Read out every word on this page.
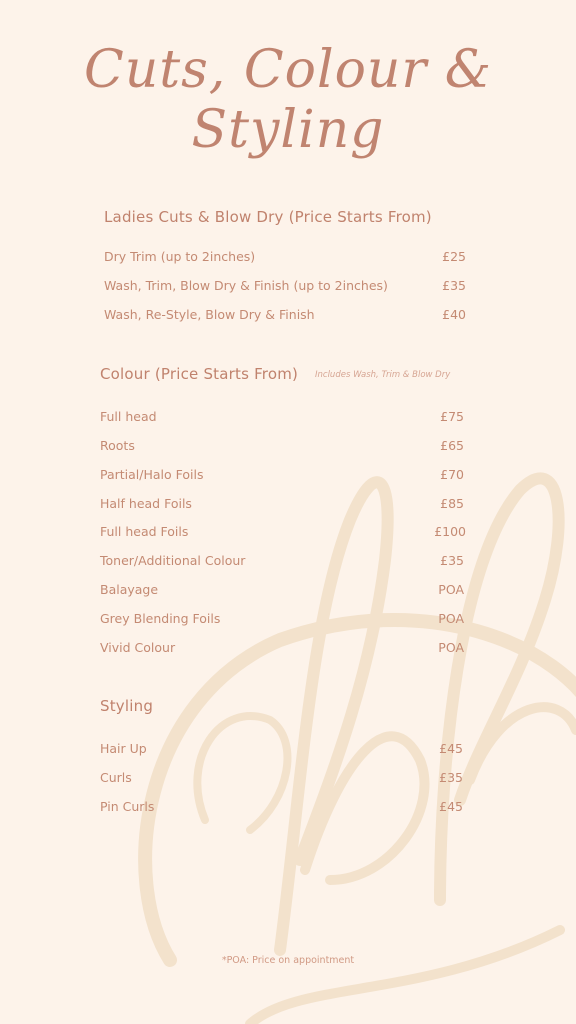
Cuts, Colour & Styling
Ladies Cuts & Blow Dry (Price Starts From)
Dry Trim (up to 2inches)	£25
Wash, Trim, Blow Dry & Finish (up to 2inches)	£35
Wash, Re-Style, Blow Dry & Finish	£40
Colour (Price Starts From) Includes Wash, Trim & Blow Dry
Full head	£75
Roots	£65
Partial/Halo Foils	£70
Half head Foils	£85
Full head Foils	£100
Toner/Additional Colour	£35
Balayage	POA
Grey Blending Foils	POA
Vivid Colour	POA
Styling
Hair Up	£45
Curls	£35
Pin Curls	£45
*POA: Price on appointment
